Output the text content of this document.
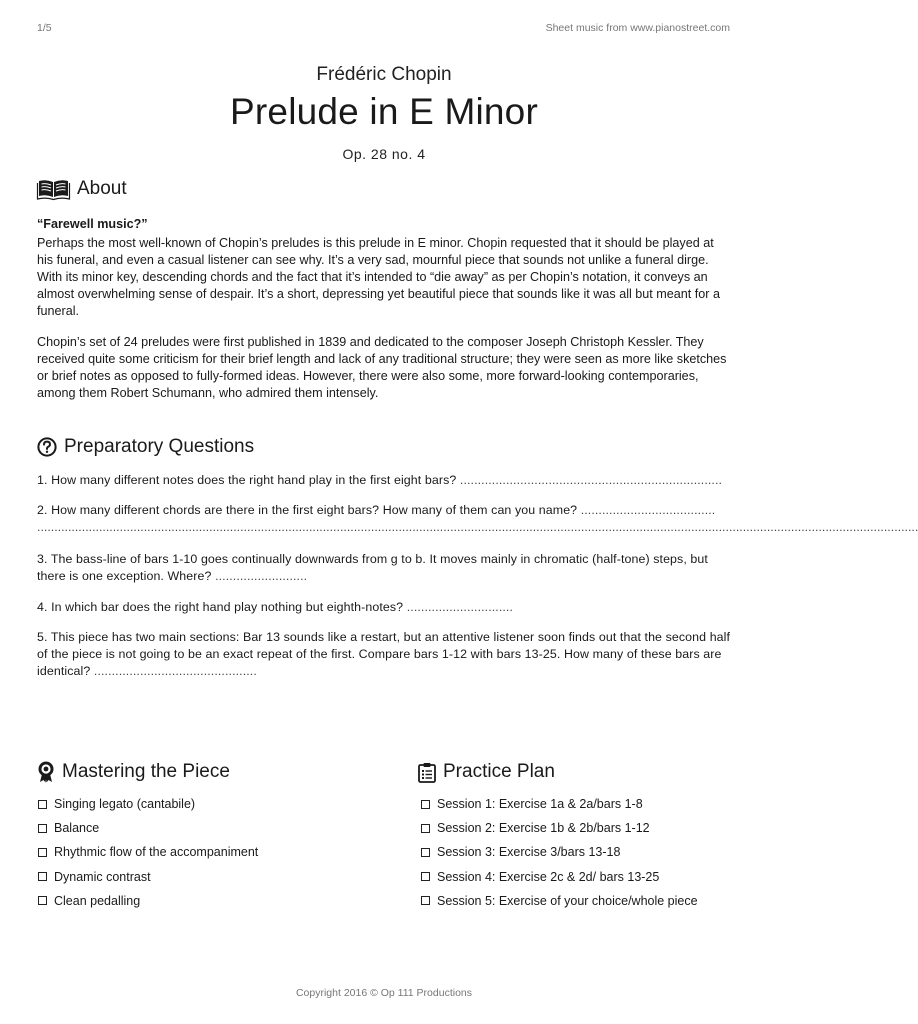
1/5	Sheet music from www.pianostreet.com
Frédéric Chopin
Prelude in E Minor
Op. 28 no. 4
About
“Farewell music?”

Perhaps the most well-known of Chopin’s preludes is this prelude in E minor. Chopin requested that it should be played at his funeral, and even a casual listener can see why. It’s a very sad, mournful piece that sounds not unlike a funeral dirge. With its minor key, descending chords and the fact that it’s intended to “die away” as per Chopin’s notation, it conveys an almost overwhelming sense of despair. It’s a short, depressing yet beautiful piece that sounds like it was all but meant for a funeral.

Chopin’s set of 24 preludes were first published in 1839 and dedicated to the composer Joseph Christoph Kessler. They received quite some criticism for their brief length and lack of any traditional structure; they were seen as more like sketches or brief notes as opposed to fully-formed ideas. However, there were also some, more forward-looking contemporaries, among them Robert Schumann, who admired them intensely.

Preparatory Questions
1. How many different notes does the right hand play in the first eight bars? ..........................................................................
2. How many different chords are there in the first eight bars? How many of them can you name? ......................................
................................................................................................................................................................................................................................................................
3. The bass-line of bars 1-10 goes continually downwards from g to b. It moves mainly in chromatic (half-tone) steps, but there is one exception. Where? ..........................
4. In which bar does the right hand play nothing but eighth-notes? ..............................
5. This piece has two main sections: Bar 13 sounds like a restart, but an attentive listener soon finds out that the second half of the piece is not going to be an exact repeat of the first. Compare bars 1-12 with bars 13-25. How many of these bars are identical? ..............................................
Mastering the Piece
Singing legato (cantabile)
Balance
Rhythmic flow of the accompaniment
Dynamic contrast
Clean pedalling
Practice Plan
Session 1: Exercise 1a & 2a/bars 1-8
Session 2: Exercise 1b & 2b/bars 1-12
Session 3: Exercise 3/bars 13-18
Session 4: Exercise 2c & 2d/ bars 13-25
Session 5: Exercise of your choice/whole piece
Copyright 2016 © Op 111 Productions
